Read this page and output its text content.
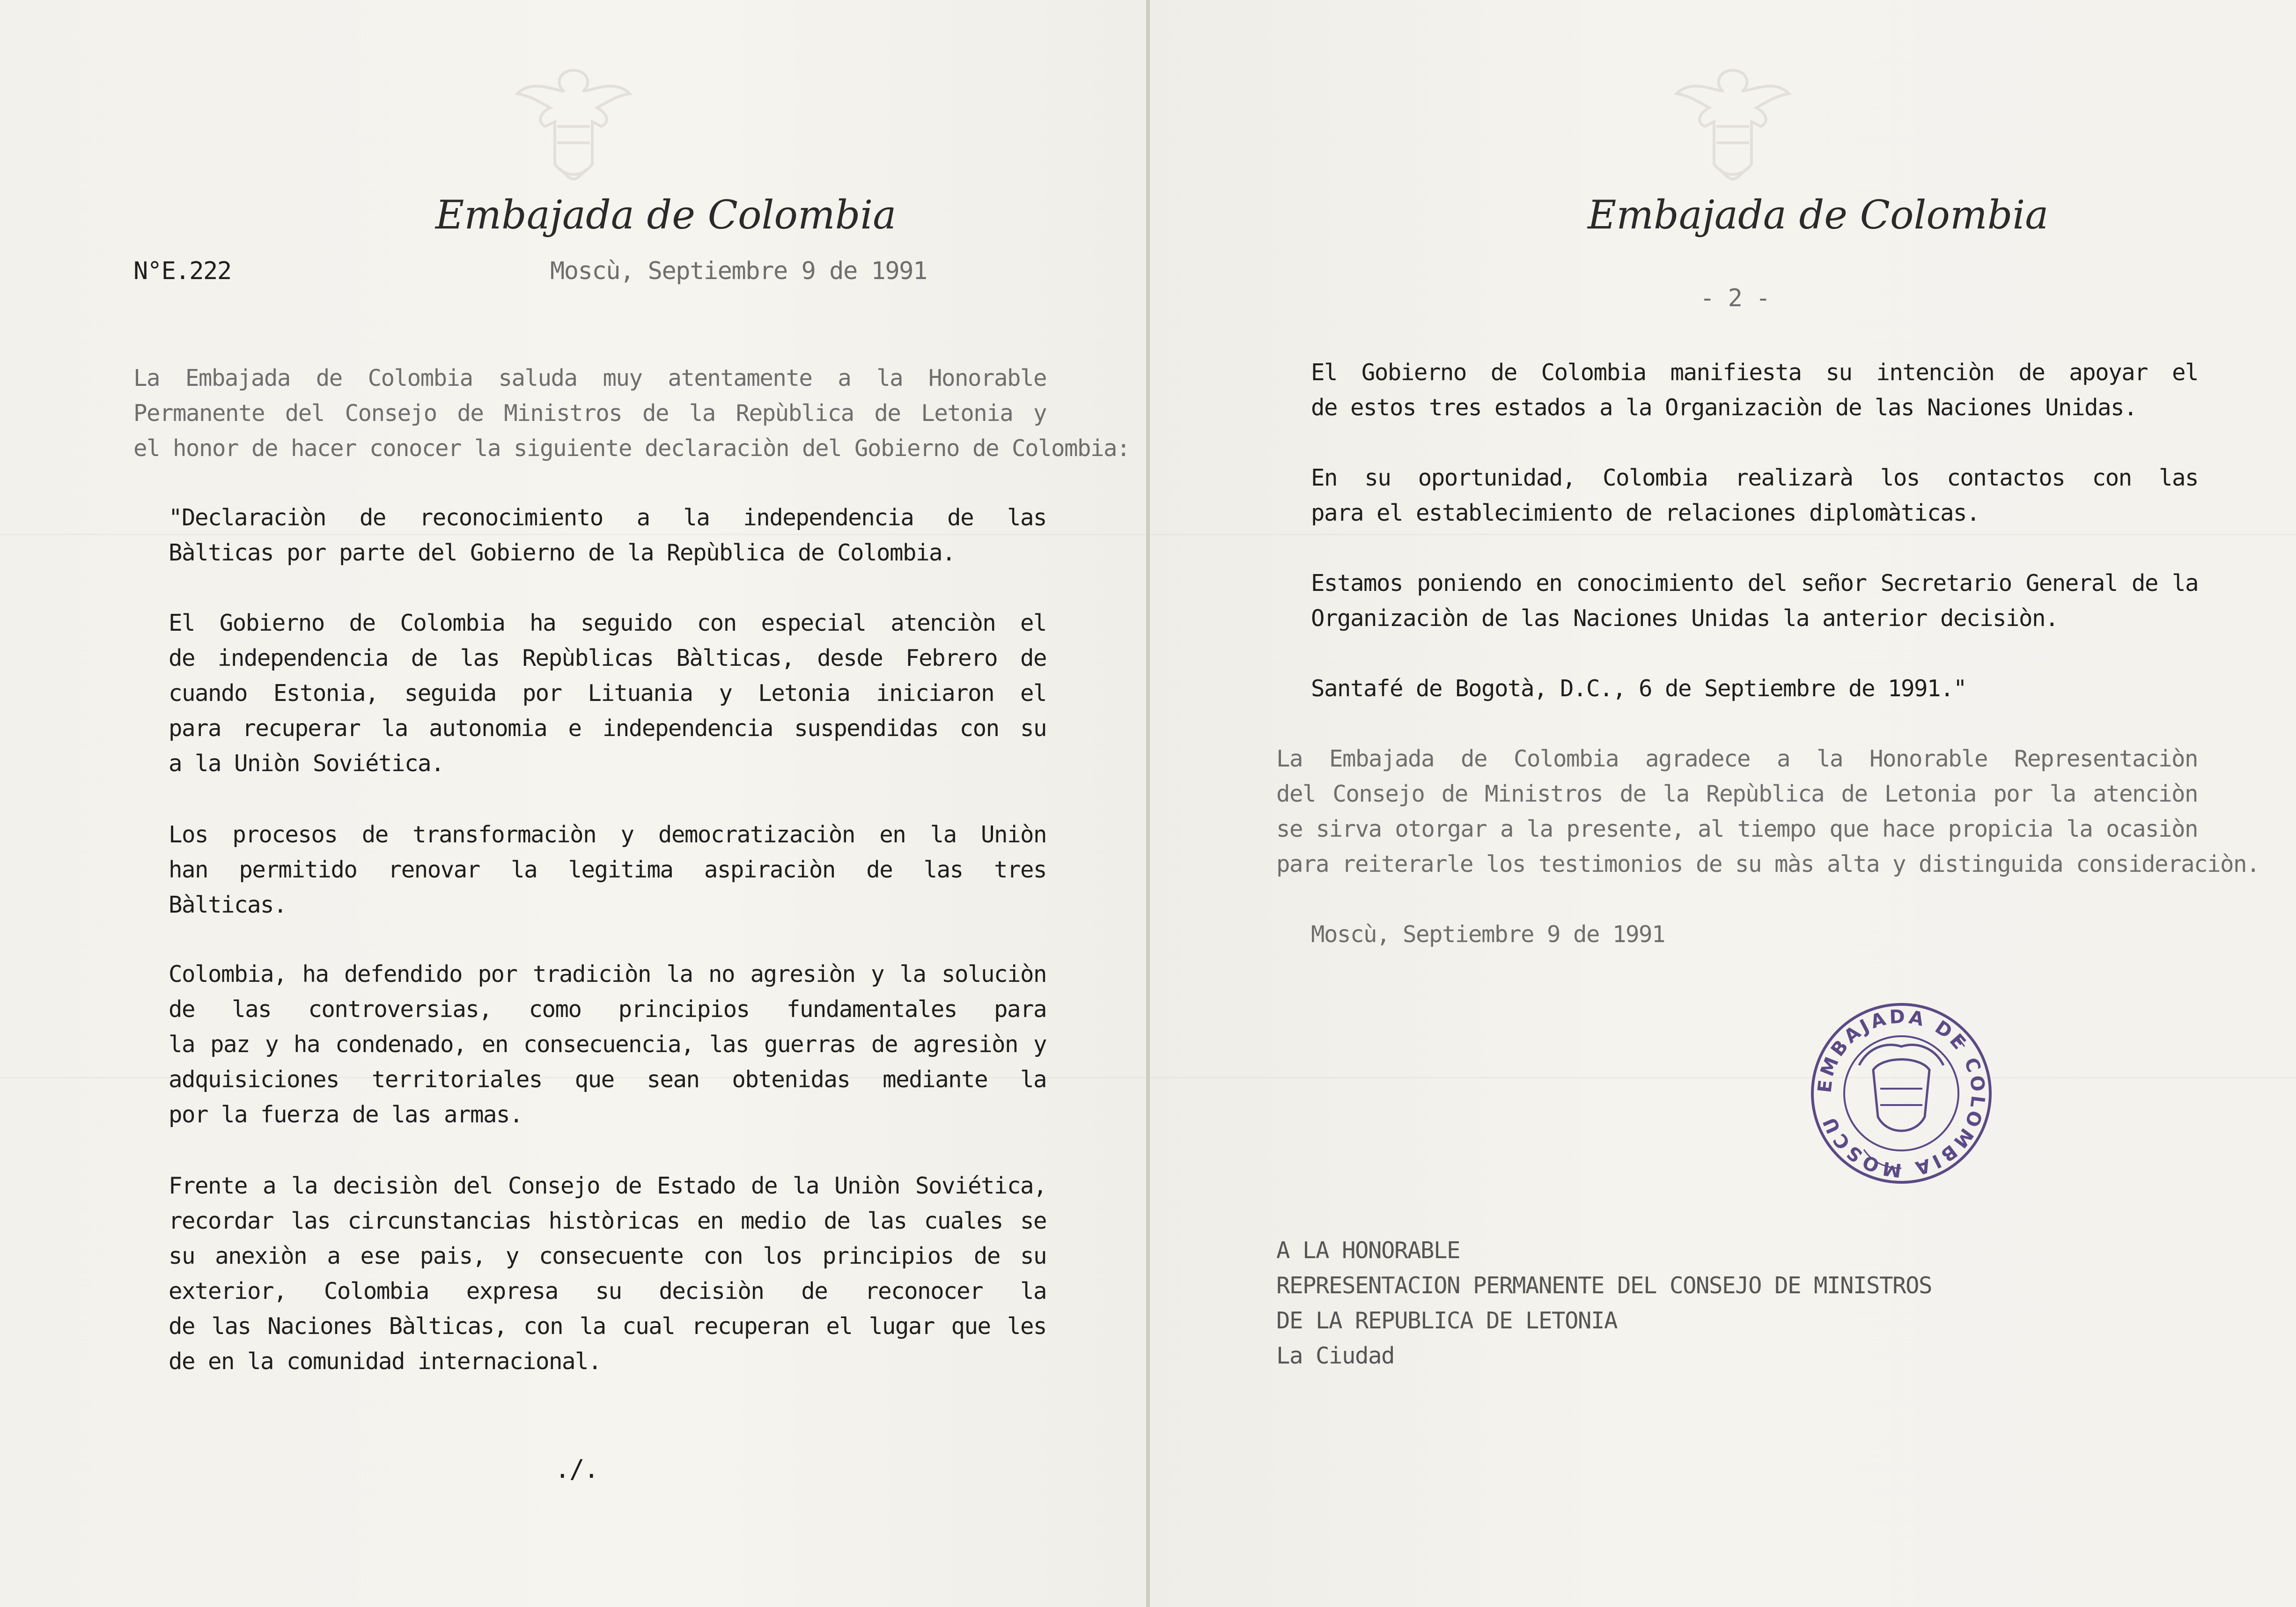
Embajada de Colombia
N°E.222	Moscù, Septiembre 9 de 1991
La Embajada de Colombia saluda muy atentamente a la Honorable
Permanente del Consejo de Ministros de la Repùblica de Letonia y
el honor de hacer conocer la siguiente declaraciòn del Gobierno de Colombia:
"Declaraciòn de reconocimiento a la independencia de las
Bàlticas por parte del Gobierno de la Repùblica de Colombia.
El Gobierno de Colombia ha seguido con especial atenciòn el
de independencia de las Repùblicas Bàlticas, desde Febrero de
cuando Estonia, seguida por Lituania y Letonia iniciaron el
para recuperar la autonomia e independencia suspendidas con su
a la Uniòn Soviética.
Los procesos de transformaciòn y democratizaciòn en la Uniòn
han permitido renovar la legitima aspiraciòn de las tres
Bàlticas.
Colombia, ha defendido por tradiciòn la no agresiòn y la soluciòn
de las controversias, como principios fundamentales para
la paz y ha condenado, en consecuencia, las guerras de agresiòn y
adquisiciones territoriales que sean obtenidas mediante la
por la fuerza de las armas.
Frente a la decisiòn del Consejo de Estado de la Uniòn Soviética,
recordar las circunstancias històricas en medio de las cuales se
su anexiòn a ese pais, y consecuente con los principios de su
exterior, Colombia expresa su decisiòn de reconocer la
de las Naciones Bàlticas, con la cual recuperan el lugar que les
de en la comunidad internacional.
./.
Embajada de Colombia
- 2 -
El Gobierno de Colombia manifiesta su intenciòn de apoyar el
de estos tres estados a la Organizaciòn de las Naciones Unidas.
En su oportunidad, Colombia realizarà los contactos con las
para el establecimiento de relaciones diplomàticas.
Estamos poniendo en conocimiento del señor Secretario General de la
Organizaciòn de las Naciones Unidas la anterior decisiòn.
Santafé de Bogotà, D.C., 6 de Septiembre de 1991."
La Embajada de Colombia agradece a la Honorable Representaciòn
del Consejo de Ministros de la Repùblica de Letonia por la atenciòn
se sirva otorgar a la presente, al tiempo que hace propicia la ocasiòn
para reiterarle los testimonios de su màs alta y distinguida consideraciòn.
Moscù, Septiembre 9 de 1991
EMBAJADA DE COLOMBIA MOSCU
A LA HONORABLE
REPRESENTACION PERMANENTE DEL CONSEJO DE MINISTROS
DE LA REPUBLICA DE LETONIA
La Ciudad
